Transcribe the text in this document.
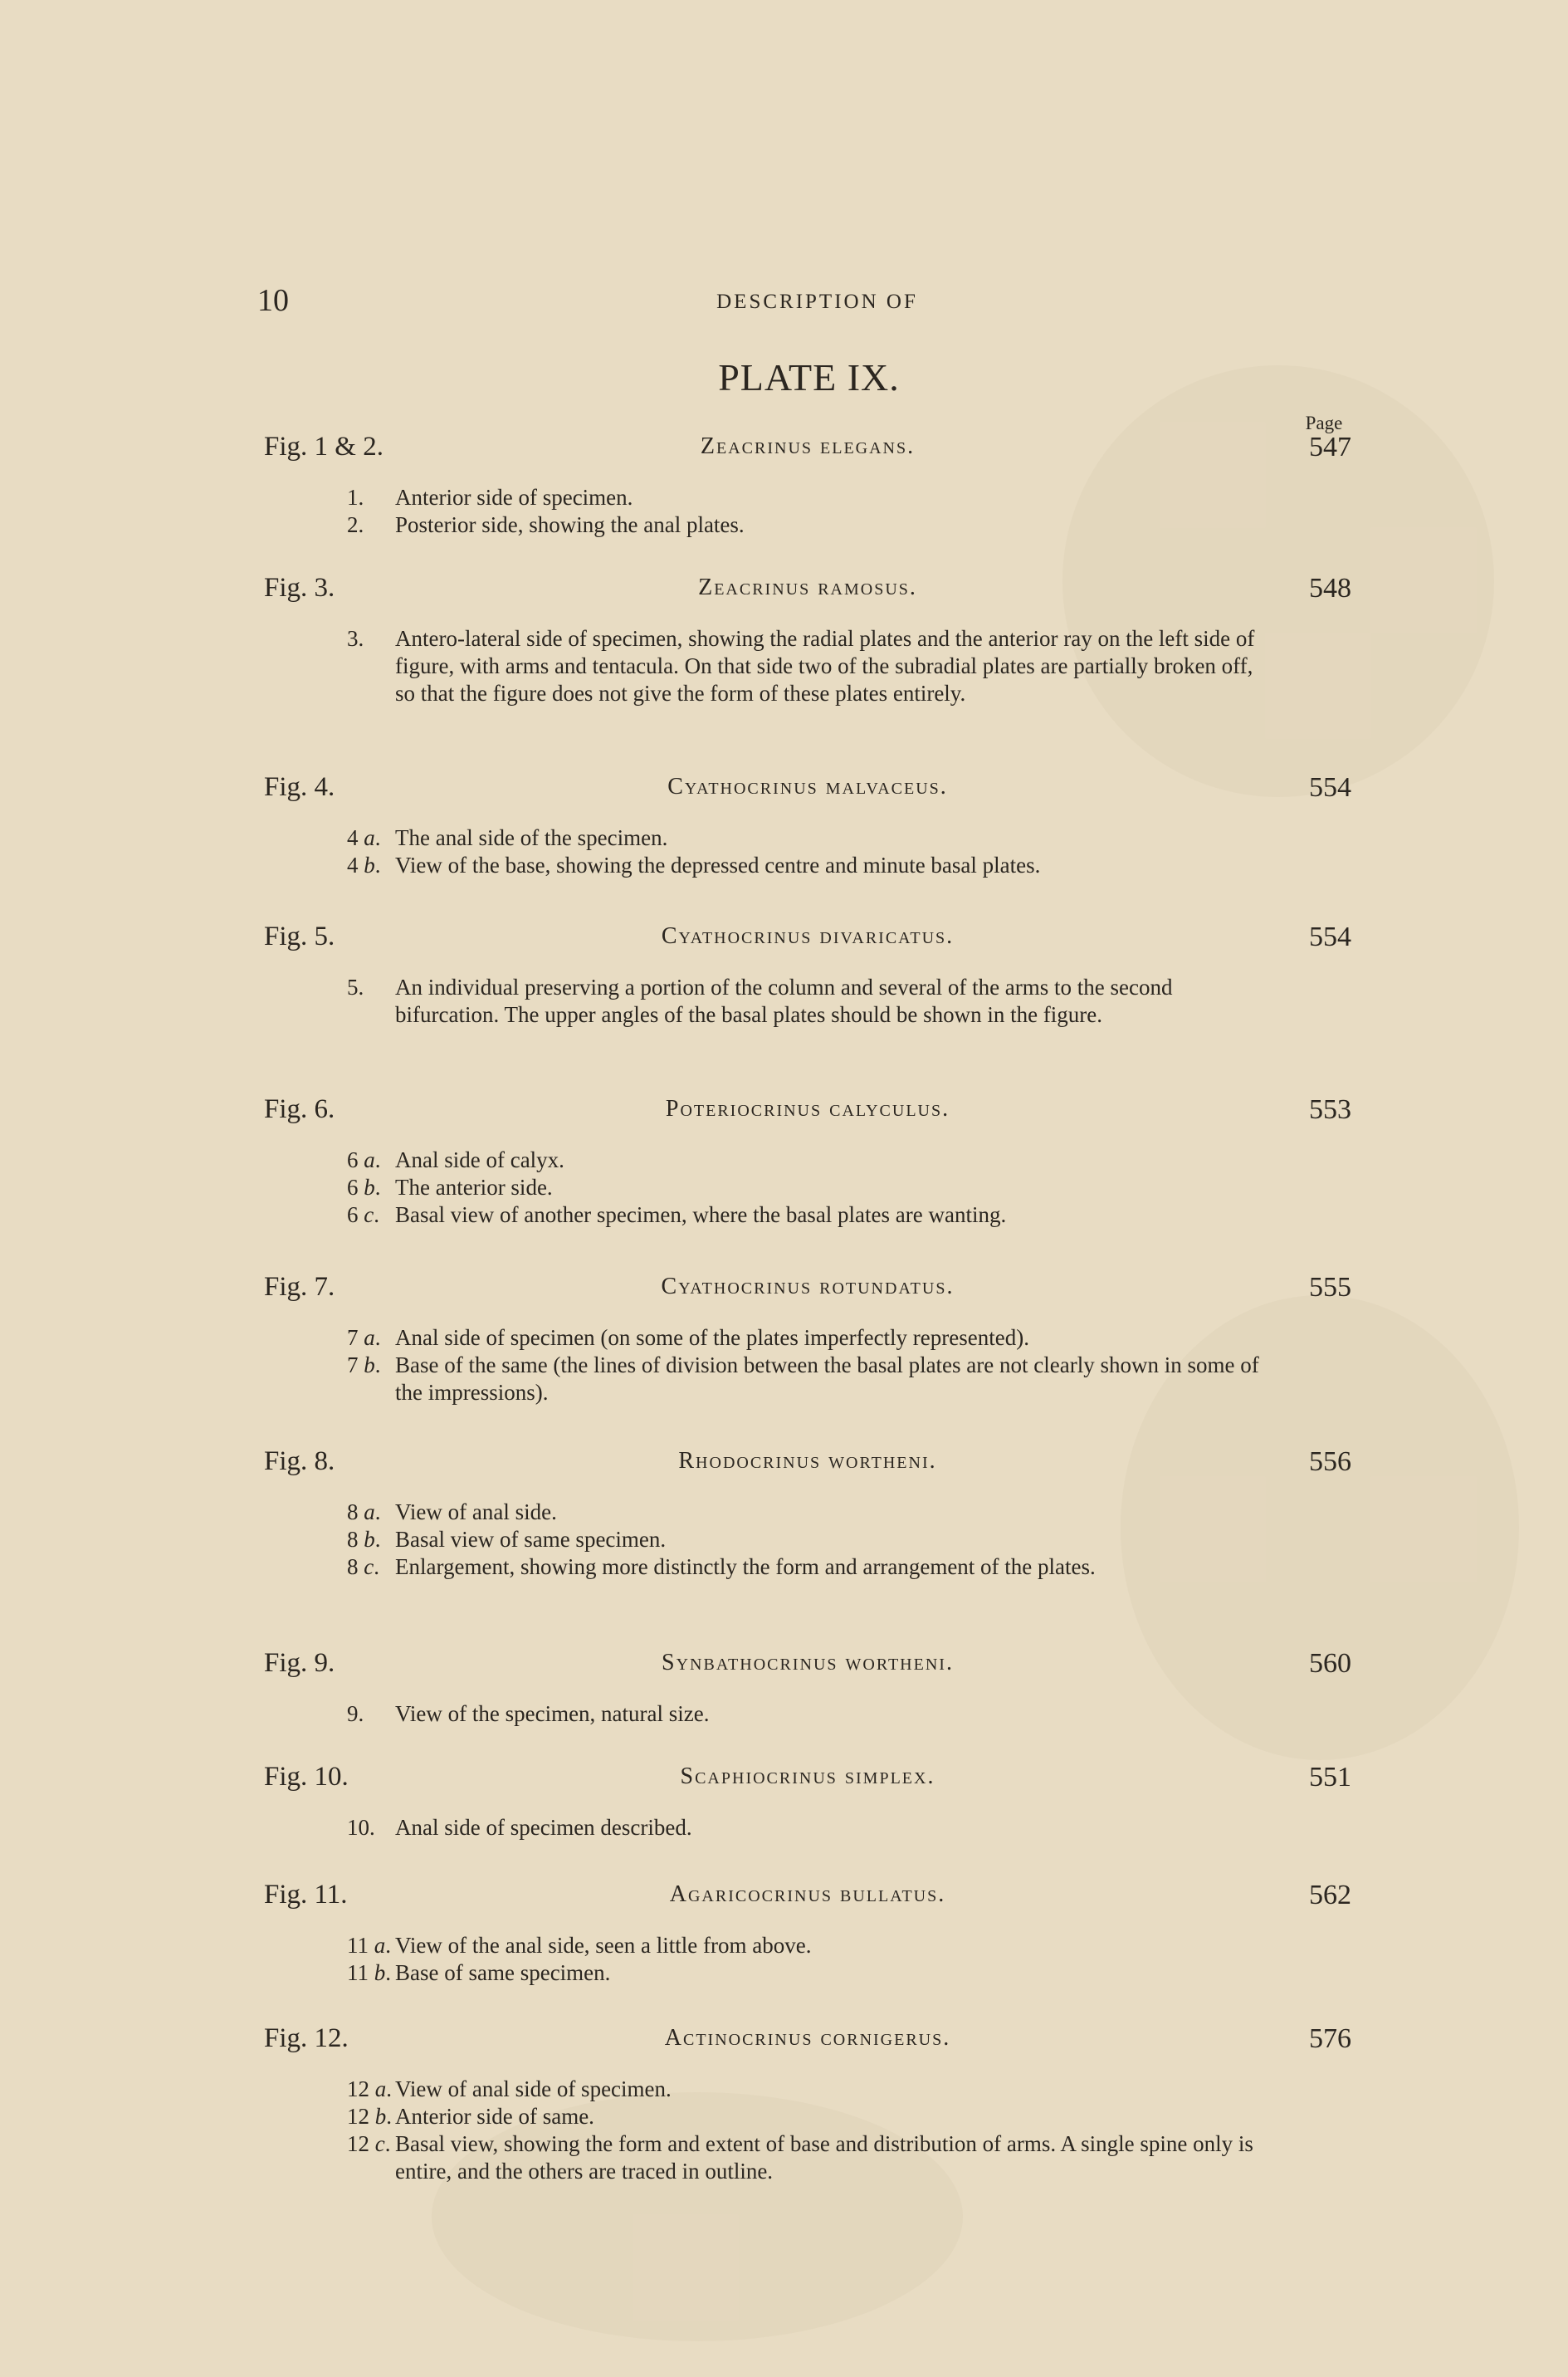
10	DESCRIPTION OF
PLATE IX.
Page
Fig. 1 & 2.	Zeacrinus elegans.	547
1. Anterior side of specimen.
2. Posterior side, showing the anal plates.
Fig. 3.	Zeacrinus ramosus.	548
3. Antero-lateral side of specimen, showing the radial plates and the anterior ray on the left side of figure, with arms and tentacula. On that side two of the subradial plates are partially broken off, so that the figure does not give the form of these plates entirely.
Fig. 4.	Cyathocrinus malvaceus.	554
4 a. The anal side of the specimen.
4 b. View of the base, showing the depressed centre and minute basal plates.
Fig. 5.	Cyathocrinus divaricatus.	554
5. An individual preserving a portion of the column and several of the arms to the second bifurcation. The upper angles of the basal plates should be shown in the figure.
Fig. 6.	Poteriocrinus calyculus.	553
6 a. Anal side of calyx.
6 b. The anterior side.
6 c. Basal view of another specimen, where the basal plates are wanting.
Fig. 7.	Cyathocrinus rotundatus.	555
7 a. Anal side of specimen (on some of the plates imperfectly represented).
7 b. Base of the same (the lines of division between the basal plates are not clearly shown in some of the impressions).
Fig. 8.	Rhodocrinus wortheni.	556
8 a. View of anal side.
8 b. Basal view of same specimen.
8 c. Enlargement, showing more distinctly the form and arrangement of the plates.
Fig. 9.	Synbathocrinus wortheni.	560
9. View of the specimen, natural size.
Fig. 10.	Scaphiocrinus simplex.	551
10. Anal side of specimen described.
Fig. 11.	Agaricocrinus bullatus.	562
11 a. View of the anal side, seen a little from above.
11 b. Base of same specimen.
Fig. 12.	Actinocrinus cornigerus.	576
12 a. View of anal side of specimen.
12 b. Anterior side of same.
12 c. Basal view, showing the form and extent of base and distribution of arms. A single spine only is entire, and the others are traced in outline.
